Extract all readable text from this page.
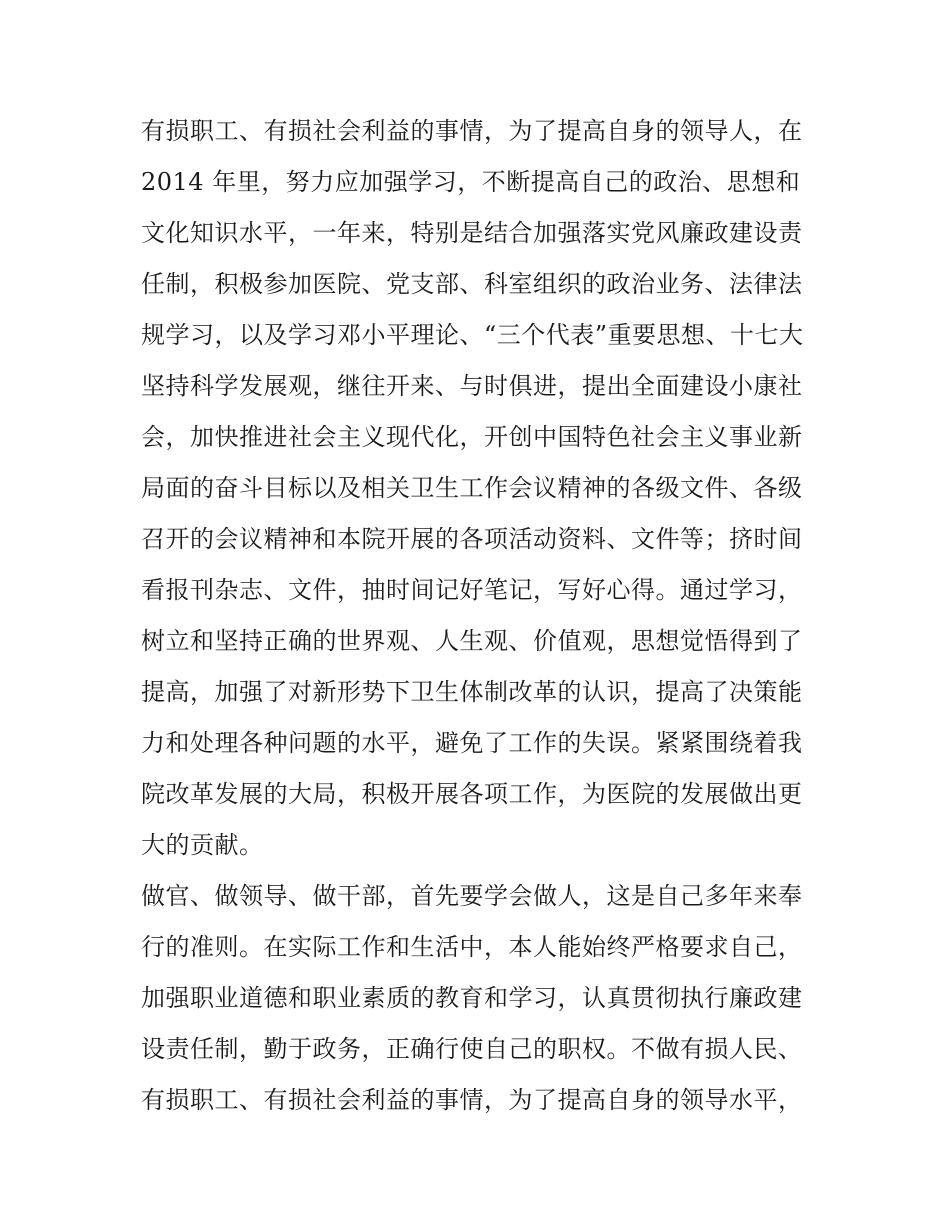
有损职工、有损社会利益的事情，为了提高自身的领导人，在
2014 年里，努力应加强学习，不断提高自己的政治、思想和
文化知识水平，一年来，特别是结合加强落实党风廉政建设责
任制，积极参加医院、党支部、科室组织的政治业务、法律法
规学习，以及学习邓小平理论、“三个代表”重要思想、十七大
坚持科学发展观，继往开来、与时俱进，提出全面建设小康社
会，加快推进社会主义现代化，开创中国特色社会主义事业新
局面的奋斗目标以及相关卫生工作会议精神的各级文件、各级
召开的会议精神和本院开展的各项活动资料、文件等；挤时间
看报刊杂志、文件，抽时间记好笔记，写好心得。通过学习，
树立和坚持正确的世界观、人生观、价值观，思想觉悟得到了
提高，加强了对新形势下卫生体制改革的认识，提高了决策能
力和处理各种问题的水平，避免了工作的失误。紧紧围绕着我
院改革发展的大局，积极开展各项工作，为医院的发展做出更
大的贡献。
做官、做领导、做干部，首先要学会做人，这是自己多年来奉
行的准则。在实际工作和生活中，本人能始终严格要求自己，
加强职业道德和职业素质的教育和学习，认真贯彻执行廉政建
设责任制，勤于政务，正确行使自己的职权。不做有损人民、
有损职工、有损社会利益的事情，为了提高自身的领导水平，
